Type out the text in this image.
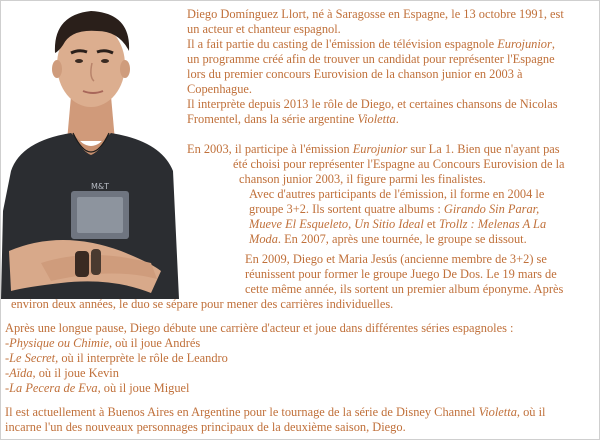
M&T
Diego Domínguez Llort, né à Saragosse en Espagne, le 13 octobre 1991, est
un acteur et chanteur espagnol.
Il a fait partie du casting de l'émission de télévision espagnole Eurojunior,
un programme créé afin de trouver un candidat pour représenter l'Espagne
lors du premier concours Eurovision de la chanson junior en 2003 à
Copenhague.
Il interprète depuis 2013 le rôle de Diego, et certaines chansons de Nicolas
Fromentel, dans la série argentine Violetta.
En 2003, il participe à l'émission Eurojunior sur La 1. Bien que n'ayant pas
été choisi pour représenter l'Espagne au Concours Eurovision de la
chanson junior 2003, il figure parmi les finalistes.
Avec d'autres participants de l'émission, il forme en 2004 le
groupe 3+2. Ils sortent quatre albums : Girando Sin Parar,
Mueve El Esqueleto, Un Sitio Ideal et Trollz : Melenas A La
Moda. En 2007, après une tournée, le groupe se dissout.
En 2009, Diego et Maria Jesús (ancienne membre de 3+2) se
réunissent pour former le groupe Juego De Dos. Le 19 mars de
cette même année, ils sortent un premier album éponyme. Après
environ deux années, le duo se sépare pour mener des carrières individuelles.
Après une longue pause, Diego débute une carrière d'acteur et joue dans différentes séries espagnoles :
-Physique ou Chimie, où il joue Andrés
-Le Secret, où il interprète le rôle de Leandro
-Aïda, où il joue Kevin
-La Pecera de Eva, où il joue Miguel
Il est actuellement à Buenos Aires en Argentine pour le tournage de la série de Disney Channel Violetta, où il
incarne l'un des nouveaux personnages principaux de la deuxième saison, Diego.
